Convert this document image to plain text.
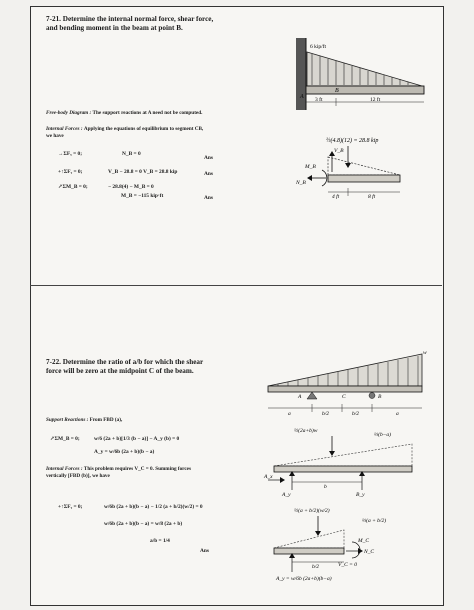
7-21. Determine the internal normal force, shear force,
and bending moment in the beam at point B.
Free-body Diagram : The support reactions at A need not be computed.
Internal Forces : Applying the equations of equilibrium to segment CB,
we have
→ΣFₓ = 0;	N_B = 0
Ans
+↑ΣFᵧ = 0;	V_B − 28.8 = 0 V_B = 28.8 kip	Ans
↗ΣM_B = 0;	− 28.8(4) − M_B = 0
M_B = −115 kip·ft	Ans
A
B
6 kip/ft
3 ft	12 ft
½(4.8)(12) = 28.8 kip
V_B
M_B
N_B
4 ft	8 ft
7-22. Determine the ratio of a/b for which the shear
force will be zero at the midpoint C of the beam.
Support Reactions : From FBD (a),
↗ΣM_B = 0;	w/6 (2a + b)[1/3 (b − a)] − A_y (b) = 0
A_y = w/6b (2a + b)(b − a)
Internal Forces : This problem requires V_C = 0. Summing forces
vertically [FBD (b)], we have
+↑ΣFᵧ = 0;	w/6b (2a + b)(b − a) − 1/2 (a + b/2)(w/2) = 0
w/6b (2a + b)(b − a) = w/8 (2a + b)
a/b = 1/4
Ans
w
A	C	B
a	b/2	b/2	a
½(2a+b)w
⅓(b−a)
A_x
A_y	B_y
b
½(a + b/2)(w/2)
⅓(a + b/2)
M_C
N_C
V_C = 0
b/2
A_y = w/6b (2a+b)(b−a)
